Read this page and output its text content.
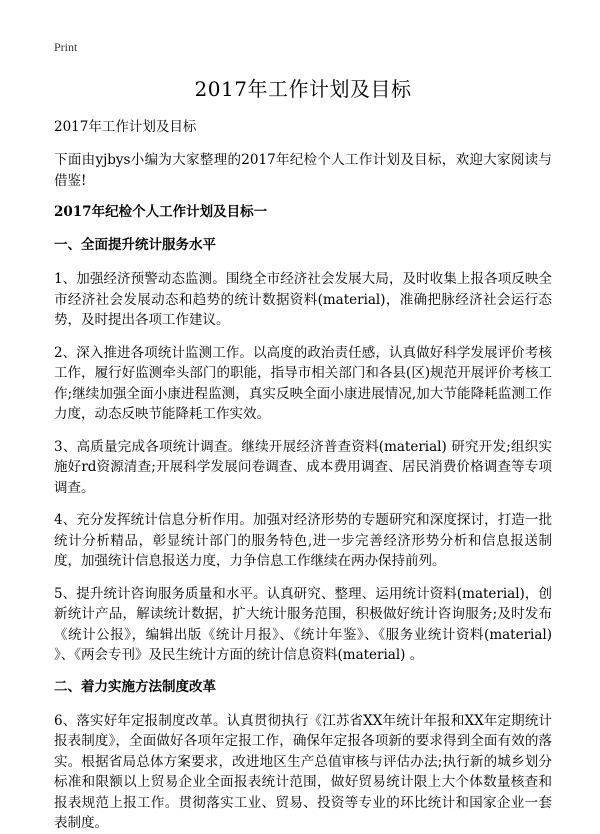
Print
2017年工作计划及目标
2017年工作计划及目标

下面由yjbys小编为大家整理的2017年纪检个人工作计划及目标，欢迎大家阅读与借鉴!

2017年纪检个人工作计划及目标一
一、全面提升统计服务水平

1、加强经济预警动态监测。围绕全市经济社会发展大局，及时收集上报各项反映全市经济社会发展动态和趋势的统计数据资料(material)，准确把脉经济社会运行态势，及时提出各项工作建议。

2、深入推进各项统计监测工作。以高度的政治责任感，认真做好科学发展评价考核工作，履行好监测牵头部门的职能，指导市相关部门和各县(区)规范开展评价考核工作;继续加强全面小康进程监测，真实反映全面小康进展情况,加大节能降耗监测工作力度，动态反映节能降耗工作实效。

3、高质量完成各项统计调查。继续开展经济普查资料(material) 研究开发;组织实施好rd资源清查;开展科学发展问卷调查、成本费用调查、居民消费价格调查等专项调查。

4、充分发挥统计信息分析作用。加强对经济形势的专题研究和深度探讨，打造一批统计分析精品，彰显统计部门的服务特色,进一步完善经济形势分析和信息报送制度，加强统计信息报送力度，力争信息工作继续在两办保持前列。

5、提升统计咨询服务质量和水平。认真研究、整理、运用统计资料(material)，创新统计产品，解读统计数据，扩大统计服务范围，积极做好统计咨询服务;及时发布《统计公报》，编辑出版《统计月报》、《统计年鉴》、《服务业统计资料(material) 》、《两会专刊》及民生统计方面的统计信息资料(material) 。

二、着力实施方法制度改革

6、落实好年定报制度改革。认真贯彻执行《江苏省XX年统计年报和XX年定期统计报表制度》，全面做好各项年定报工作，确保年定报各项新的要求得到全面有效的落实。根据省局总体方案要求，改进地区生产总值审核与评估办法;执行新的城乡划分标准和限额以上贸易企业全面报表统计范围，做好贸易统计限上大个体数量核查和报表规范上报工作。贯彻落实工业、贸易、投资等专业的环比统计和国家企业一套表制度。
